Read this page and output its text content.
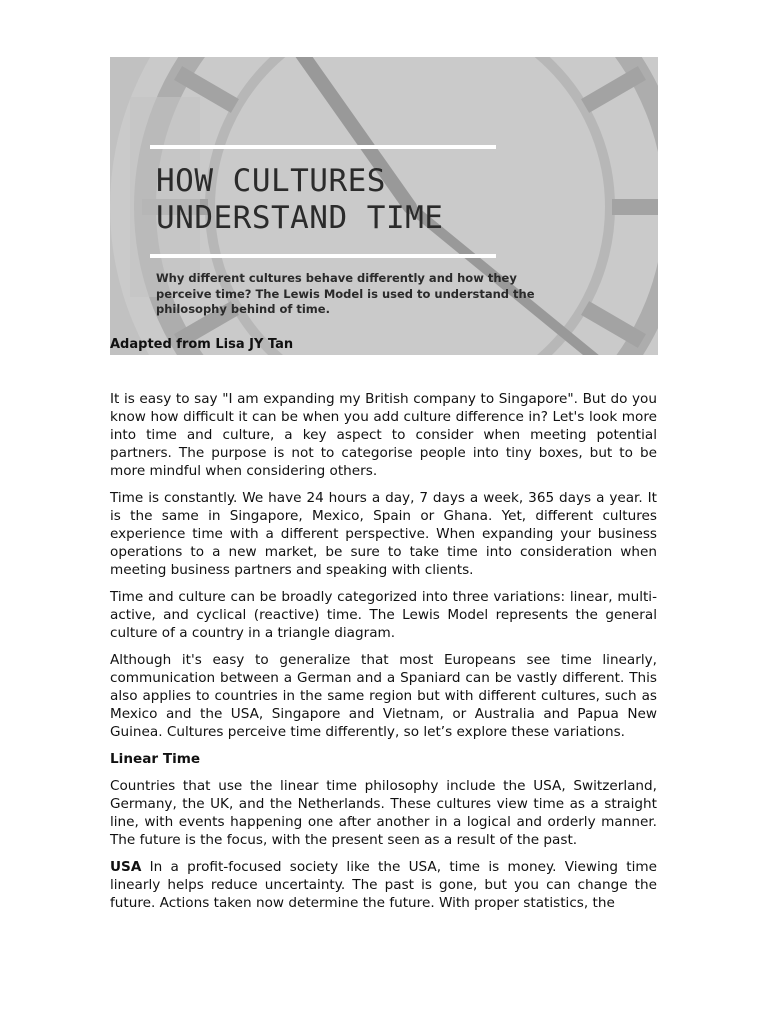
HOW CULTURES
UNDERSTAND TIME
Why different cultures behave differently and how they perceive time? The Lewis Model is used to understand the philosophy behind of time.
Adapted from Lisa JY Tan

It is easy to say "I am expanding my British company to Singapore". But do you know how difficult it can be when you add culture difference in? Let's look more into time and culture, a key aspect to consider when meeting potential partners. The purpose is not to categorise people into tiny boxes, but to be more mindful when considering others.

Time is constantly. We have 24 hours a day, 7 days a week, 365 days a year. It is the same in Singapore, Mexico, Spain or Ghana. Yet, different cultures experience time with a different perspective. When expanding your business operations to a new market, be sure to take time into consideration when meeting business partners and speaking with clients.

Time and culture can be broadly categorized into three variations: linear, multi-active, and cyclical (reactive) time. The Lewis Model represents the general culture of a country in a triangle diagram.

Although it's easy to generalize that most Europeans see time linearly, communication between a German and a Spaniard can be vastly different. This also applies to countries in the same region but with different cultures, such as Mexico and the USA, Singapore and Vietnam, or Australia and Papua New Guinea. Cultures perceive time differently, so let’s explore these variations.

Linear Time

Countries that use the linear time philosophy include the USA, Switzerland, Germany, the UK, and the Netherlands. These cultures view time as a straight line, with events happening one after another in a logical and orderly manner. The future is the focus, with the present seen as a result of the past.

USA In a profit-focused society like the USA, time is money. Viewing time linearly helps reduce uncertainty. The past is gone, but you can change the future. Actions taken now determine the future. With proper statistics, the
